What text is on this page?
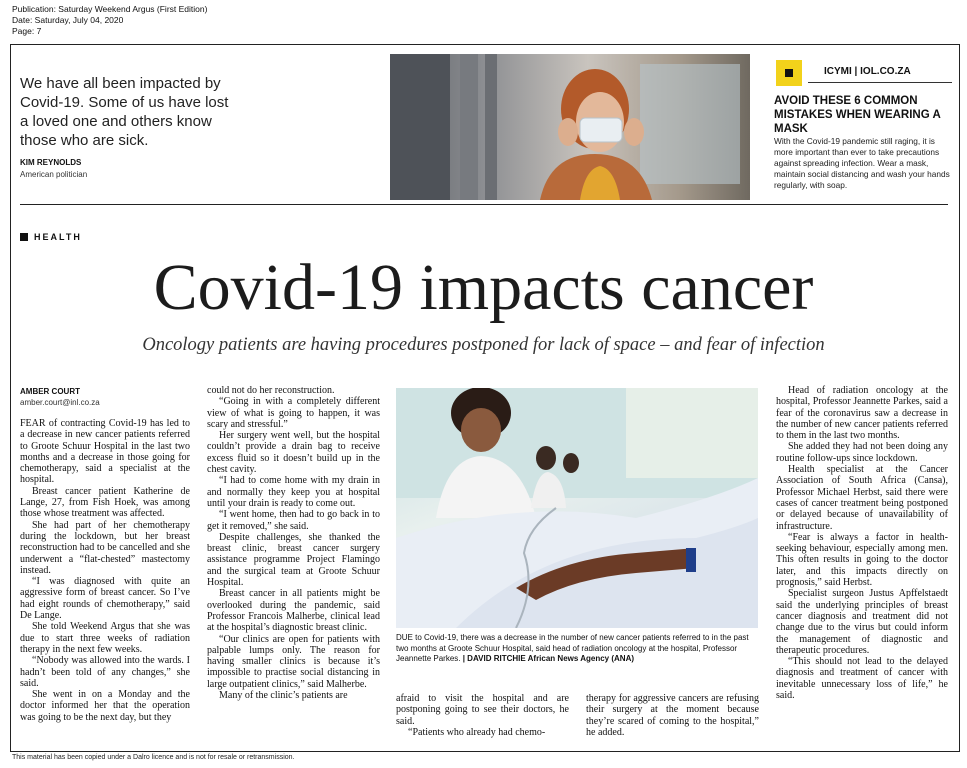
Publication: Saturday Weekend Argus (First Edition)
Date: Saturday, July 04, 2020
Page: 7
We have all been impacted by Covid-19. Some of us have lost a loved one and others know those who are sick.
KIM REYNOLDS
American politician
ICYMI | IOL.CO.ZA
AVOID THESE 6 COMMON MISTAKES WHEN WEARING A MASK
With the Covid-19 pandemic still raging, it is more important than ever to take precautions against spreading infection. Wear a mask, maintain social distancing and wash your hands regularly, with soap.
HEALTH
Covid-19 impacts cancer
Oncology patients are having procedures postponed for lack of space – and fear of infection
AMBER COURT
amber.court@inl.co.za

FEAR of contracting Covid-19 has led to a decrease in new cancer patients referred to Groote Schuur Hospital in the last two months and a decrease in those going for chemotherapy, said a specialist at the hospital.

Breast cancer patient Katherine de Lange, 27, from Fish Hoek, was among those whose treatment was affected.

She had part of her chemotherapy during the lockdown, but her breast reconstruction had to be cancelled and she underwent a “flat-chested” mastectomy instead.

“I was diagnosed with quite an aggressive form of breast cancer. So I’ve had eight rounds of chemotherapy,” said De Lange.

She told Weekend Argus that she was due to start three weeks of radiation therapy in the next few weeks.

“Nobody was allowed into the wards. I hadn’t been told of any changes,” she said.

She went in on a Monday and the doctor informed her that the operation was going to be the next day, but they

could not do her reconstruction.

“Going in with a completely different view of what is going to happen, it was scary and stressful.”

Her surgery went well, but the hospital couldn’t provide a drain bag to receive excess fluid so it doesn’t build up in the chest cavity.

“I had to come home with my drain in and normally they keep you at hospital until your drain is ready to come out.

“I went home, then had to go back in to get it removed,” she said.

Despite challenges, she thanked the breast clinic, breast cancer surgery assistance programme Project Flamingo and the surgical team at Groote Schuur Hospital.

Breast cancer in all patients might be overlooked during the pandemic, said Professor Francois Malherbe, clinical lead at the hospital’s diagnostic breast clinic.

“Our clinics are open for patients with palpable lumps only. The reason for having smaller clinics is because it’s impossible to practise social distancing in large outpatient clinics,” said Malherbe.

Many of the clinic’s patients are

DUE to Covid-19, there was a decrease in the number of new cancer patients referred to in the past two months at Groote Schuur Hospital, said head of radiation oncology at the hospital, Professor Jeannette Parkes. | DAVID RITCHIE African News Agency (ANA)

afraid to visit the hospital and are postponing going to see their doctors, he said.

“Patients who already had chemo-

therapy for aggressive cancers are refusing their surgery at the moment because they’re scared of coming to the hospital,” he added.

Head of radiation oncology at the hospital, Professor Jeannette Parkes, said a fear of the coronavirus saw a decrease in the number of new cancer patients referred to them in the last two months.

She added they had not been doing any routine follow-ups since lockdown.

Health specialist at the Cancer Association of South Africa (Cansa), Professor Michael Herbst, said there were cases of cancer treatment being postponed or delayed because of unavailability of infrastructure.

“Fear is always a factor in health-seeking behaviour, especially among men. This often results in going to the doctor later, and this impacts directly on prognosis,” said Herbst.

Specialist surgeon Justus Apffelstaedt said the underlying principles of breast cancer diagnosis and treatment did not change due to the virus but could inform the management of diagnostic and therapeutic procedures.

“This should not lead to the delayed diagnosis and treatment of cancer with inevitable unnecessary loss of life,” he said.

This material has been copied under a Dalro licence and is not for resale or retransmission.
